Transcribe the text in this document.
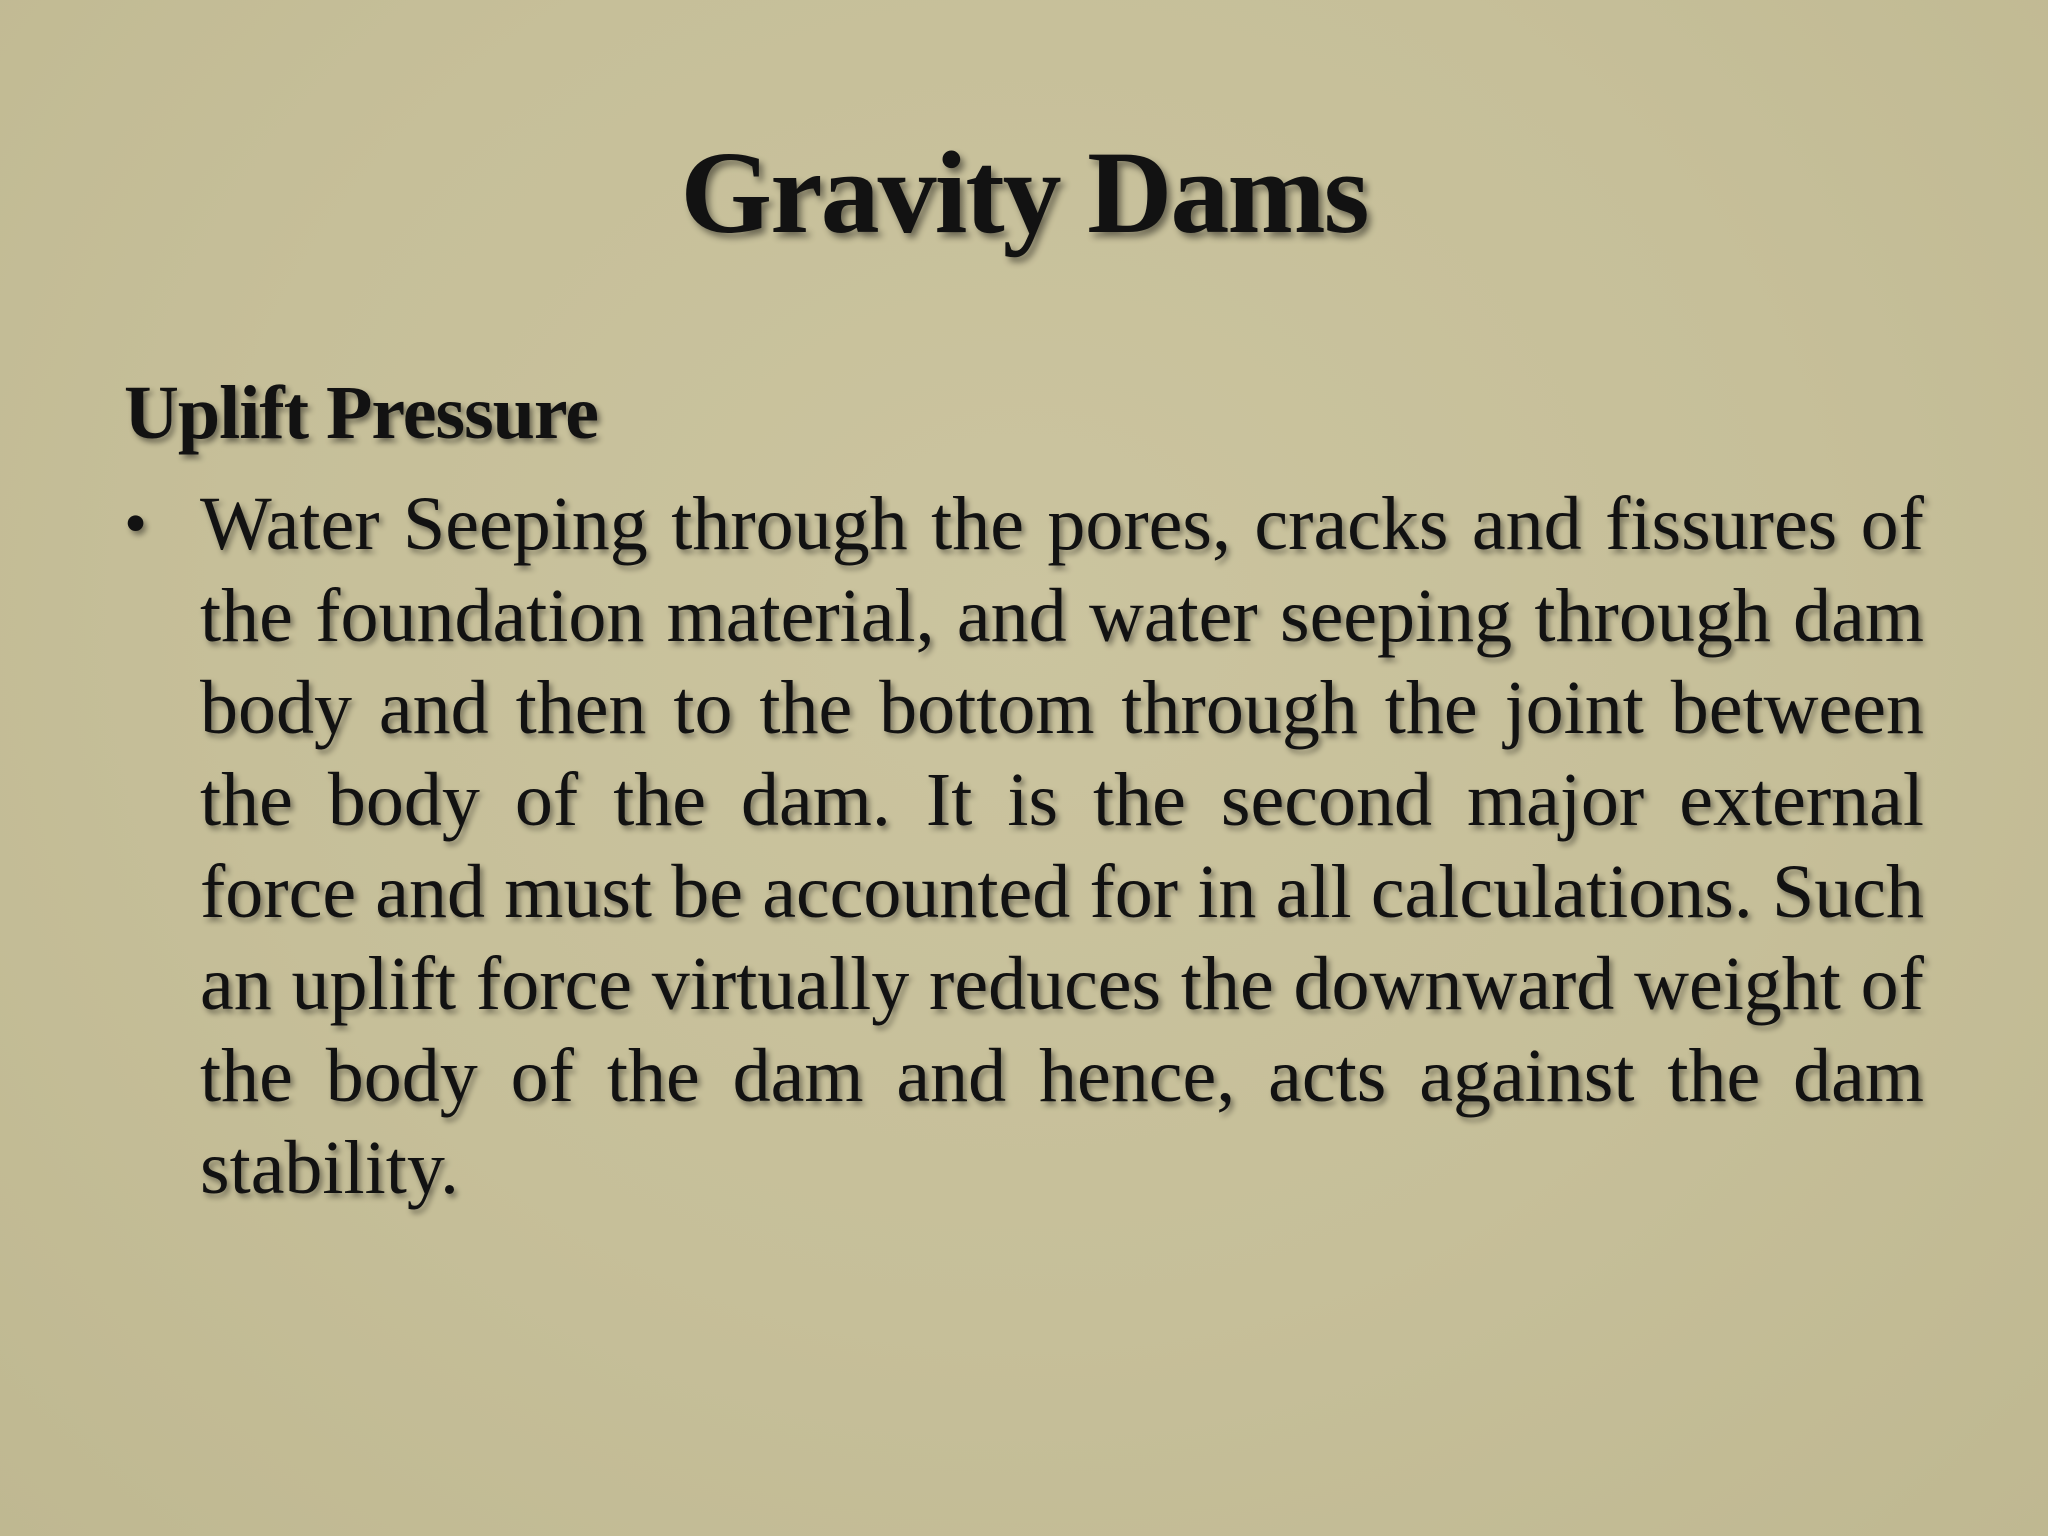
Gravity Dams
Uplift Pressure
• Water Seeping through the pores, cracks and fissures of the foundation material, and water seeping through dam body and then to the bottom through the joint between the body of the dam. It is the second major external force and must be accounted for in all calculations. Such an uplift force virtually reduces the downward weight of the body of the dam and hence, acts against the dam stability.
